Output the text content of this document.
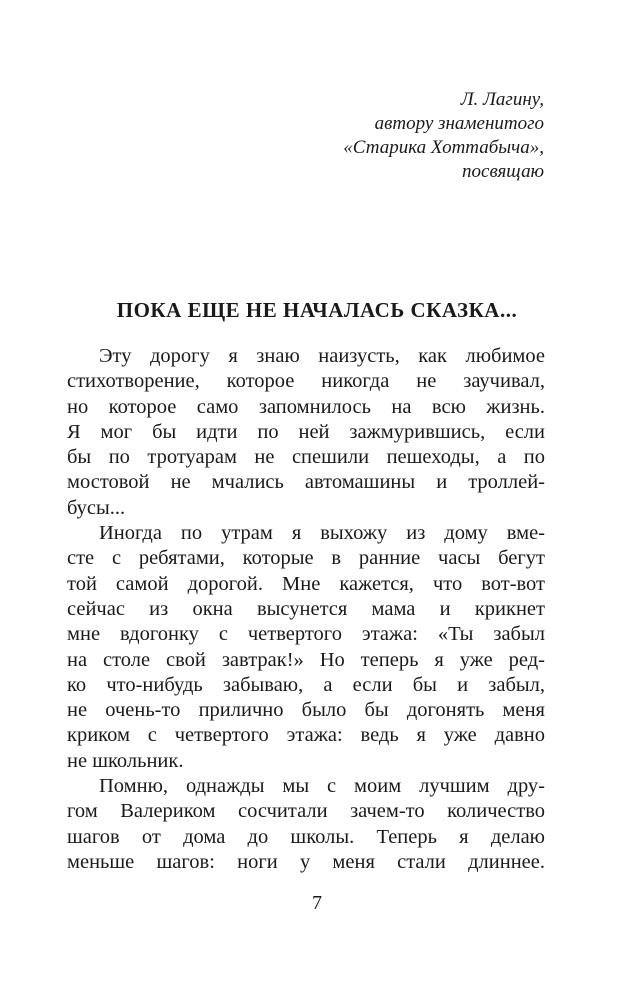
Л. Лагину,
автору знаменитого
«Старика Хоттабыча»,
посвящаю
ПОКА ЕЩЕ НЕ НАЧАЛАСЬ СКАЗКА...
Эту дорогу я знаю наизусть, как любимое
стихотворение, которое никогда не заучивал,
но которое само запомнилось на всю жизнь.
Я мог бы идти по ней зажмурившись, если
бы по тротуарам не спешили пешеходы, а по
мостовой не мчались автомашины и троллей-
бусы...
Иногда по утрам я выхожу из дому вме-
сте с ребятами, которые в ранние часы бегут
той самой дорогой. Мне кажется, что вот-вот
сейчас из окна высунется мама и крикнет
мне вдогонку с четвертого этажа: «Ты забыл
на столе свой завтрак!» Но теперь я уже ред-
ко что-нибудь забываю, а если бы и забыл,
не очень-то прилично было бы догонять меня
криком с четвертого этажа: ведь я уже давно
не школьник.
Помню, однажды мы с моим лучшим дру-
гом Валериком сосчитали зачем-то количество
шагов от дома до школы. Теперь я делаю
меньше шагов: ноги у меня стали длиннее.
7
